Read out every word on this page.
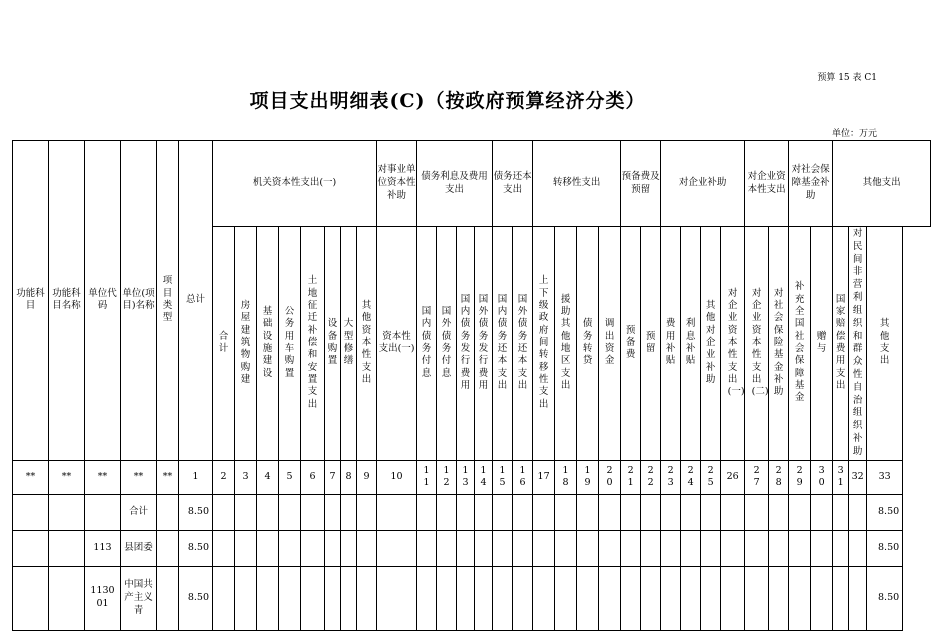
预算 15 表 C1
项目支出明细表(C)（按政府预算经济分类）
单位：万元
功能科目	功能科目名称	单位代码	单位(项目)名称	项目类型	总计	机关资本性支出(一)								对事业单位资本性补助	债务利息及费用支出				债务还本支出		转移性支出				预备费及预留		对企业补助				对企业资本性支出		对社会保障基金补助		其他支出		
						合计	房屋建筑物购建	基础设施建设	公务用车购置	土地征迁补偿和安置支出	设备购置	大型修缮	其他资本性支出	资本性支出(一)	国内债务付息	国外债务付息	国内债务发行费用	国外债务发行费用	国内债务还本支出	国外债务还本支出	上下级政府间转移性支出	援助其他地区支出	债务转贷	调出资金	预备费	预留	费用补贴	利息补贴	其他对企业补助	对企业资本性支出(一)	对企业资本性支出(二)	对社会保险基金补助	补充全国社会保障基金	赠与	国家赔偿费用支出	对民间非营利组织和群众性自治组织补助	其他支出
**	**	**	**	**	1	2	3	4	5	6	7	8	9	10	11	12	13	14	15	16	17	18	19	20	21	22	23	24	25	26	27	28	29	30	31	32	33
			合计		8.50																																8.50
		113	县团委		8.50																																8.50
		113001	中国共产主义青		8.50																																8.50
